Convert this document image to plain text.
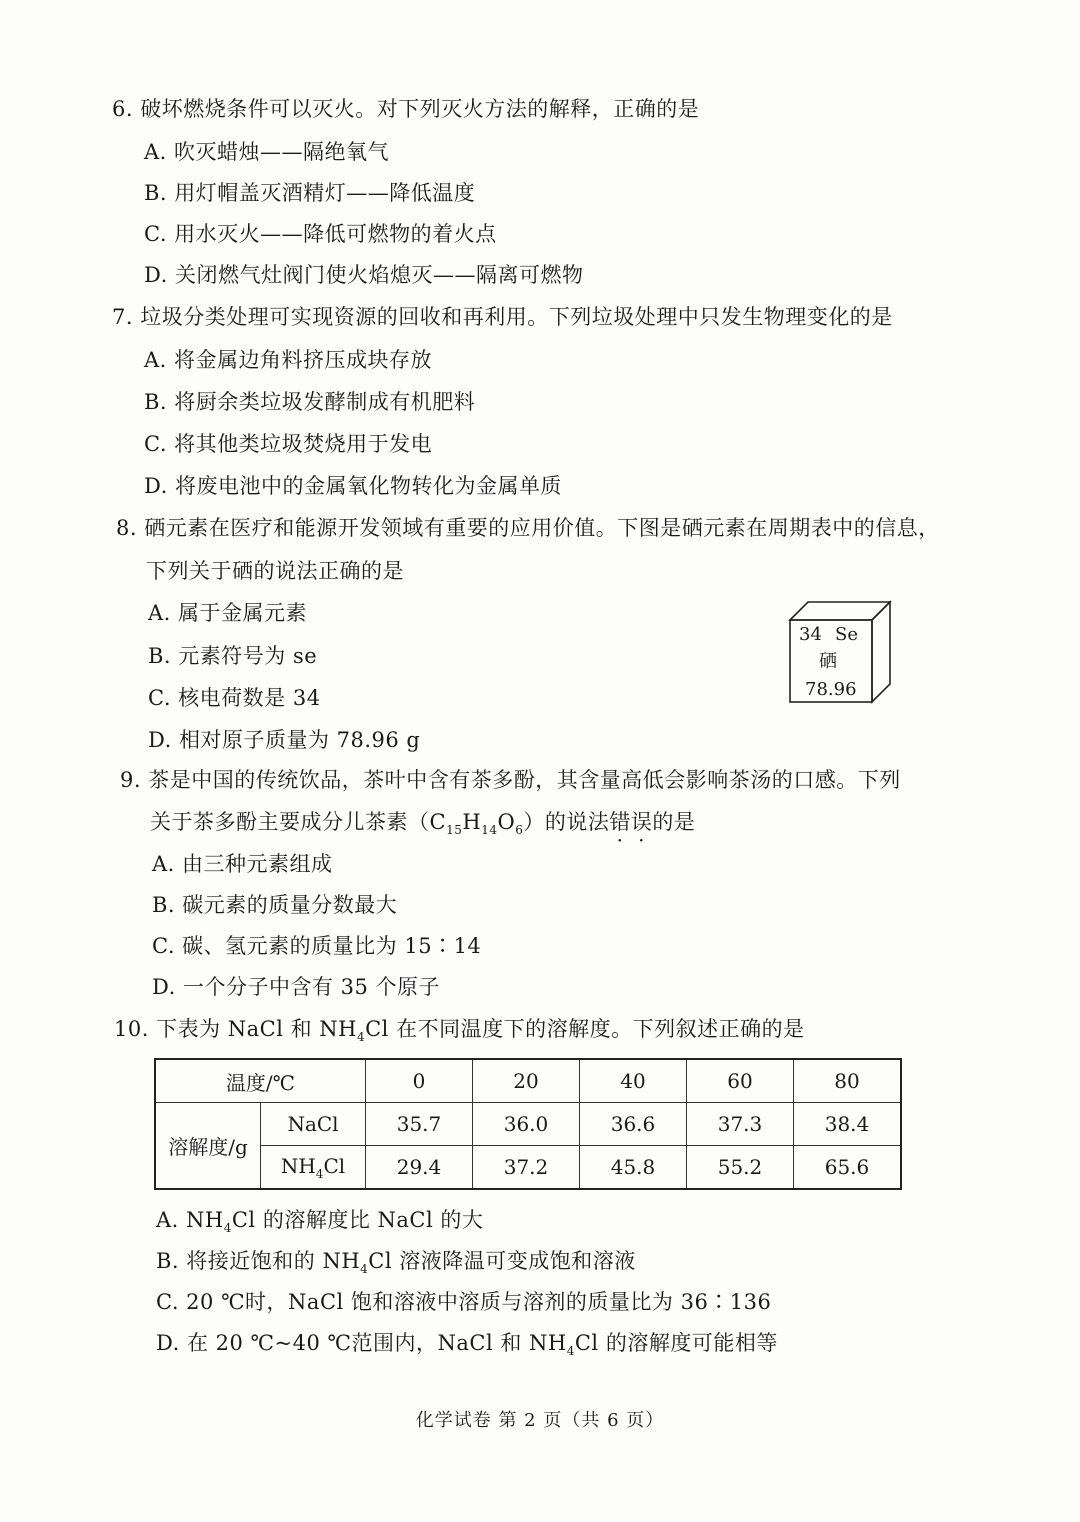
6. 破坏燃烧条件可以灭火。对下列灭火方法的解释，正确的是
A. 吹灭蜡烛——隔绝氧气
B. 用灯帽盖灭酒精灯——降低温度
C. 用水灭火——降低可燃物的着火点
D. 关闭燃气灶阀门使火焰熄灭——隔离可燃物
7. 垃圾分类处理可实现资源的回收和再利用。下列垃圾处理中只发生物理变化的是
A. 将金属边角料挤压成块存放
B. 将厨余类垃圾发酵制成有机肥料
C. 将其他类垃圾焚烧用于发电
D. 将废电池中的金属氧化物转化为金属单质
8. 硒元素在医疗和能源开发领域有重要的应用价值。下图是硒元素在周期表中的信息，
下列关于硒的说法正确的是
A. 属于金属元素
B. 元素符号为 se
C. 核电荷数是 34
D. 相对原子质量为 78.96 g
34 Se
硒
78.96
9. 茶是中国的传统饮品，茶叶中含有茶多酚，其含量高低会影响茶汤的口感。下列
关于茶多酚主要成分儿茶素$(C_{15}H_{14}O_6)$的说法错误的是
A. 由三种元素组成
B. 碳元素的质量分数最大
C. 碳、氢元素的质量比为 15∶14
D. 一个分子中含有 35 个原子
10. 下表为 NaCl 和 $NH_4Cl$ 在不同温度下的溶解度。下列叙述正确的是
温度/℃		0	20	40	60	80
溶解度/g	NaCl	35.7	36.0	36.6	37.3	38.4
	$NH_4Cl$	29.4	37.2	45.8	55.2	65.6
A. $NH_4Cl$ 的溶解度比 NaCl 的大
B. 将接近饱和的 $NH_4Cl$ 溶液降温可变成饱和溶液
C. 20 ℃时，NaCl 饱和溶液中溶质与溶剂的质量比为 36∶136
D. 在 20 ℃~40 ℃范围内，NaCl 和 $NH_4Cl$ 的溶解度可能相等
化学试卷 第 2 页（共 6 页）
